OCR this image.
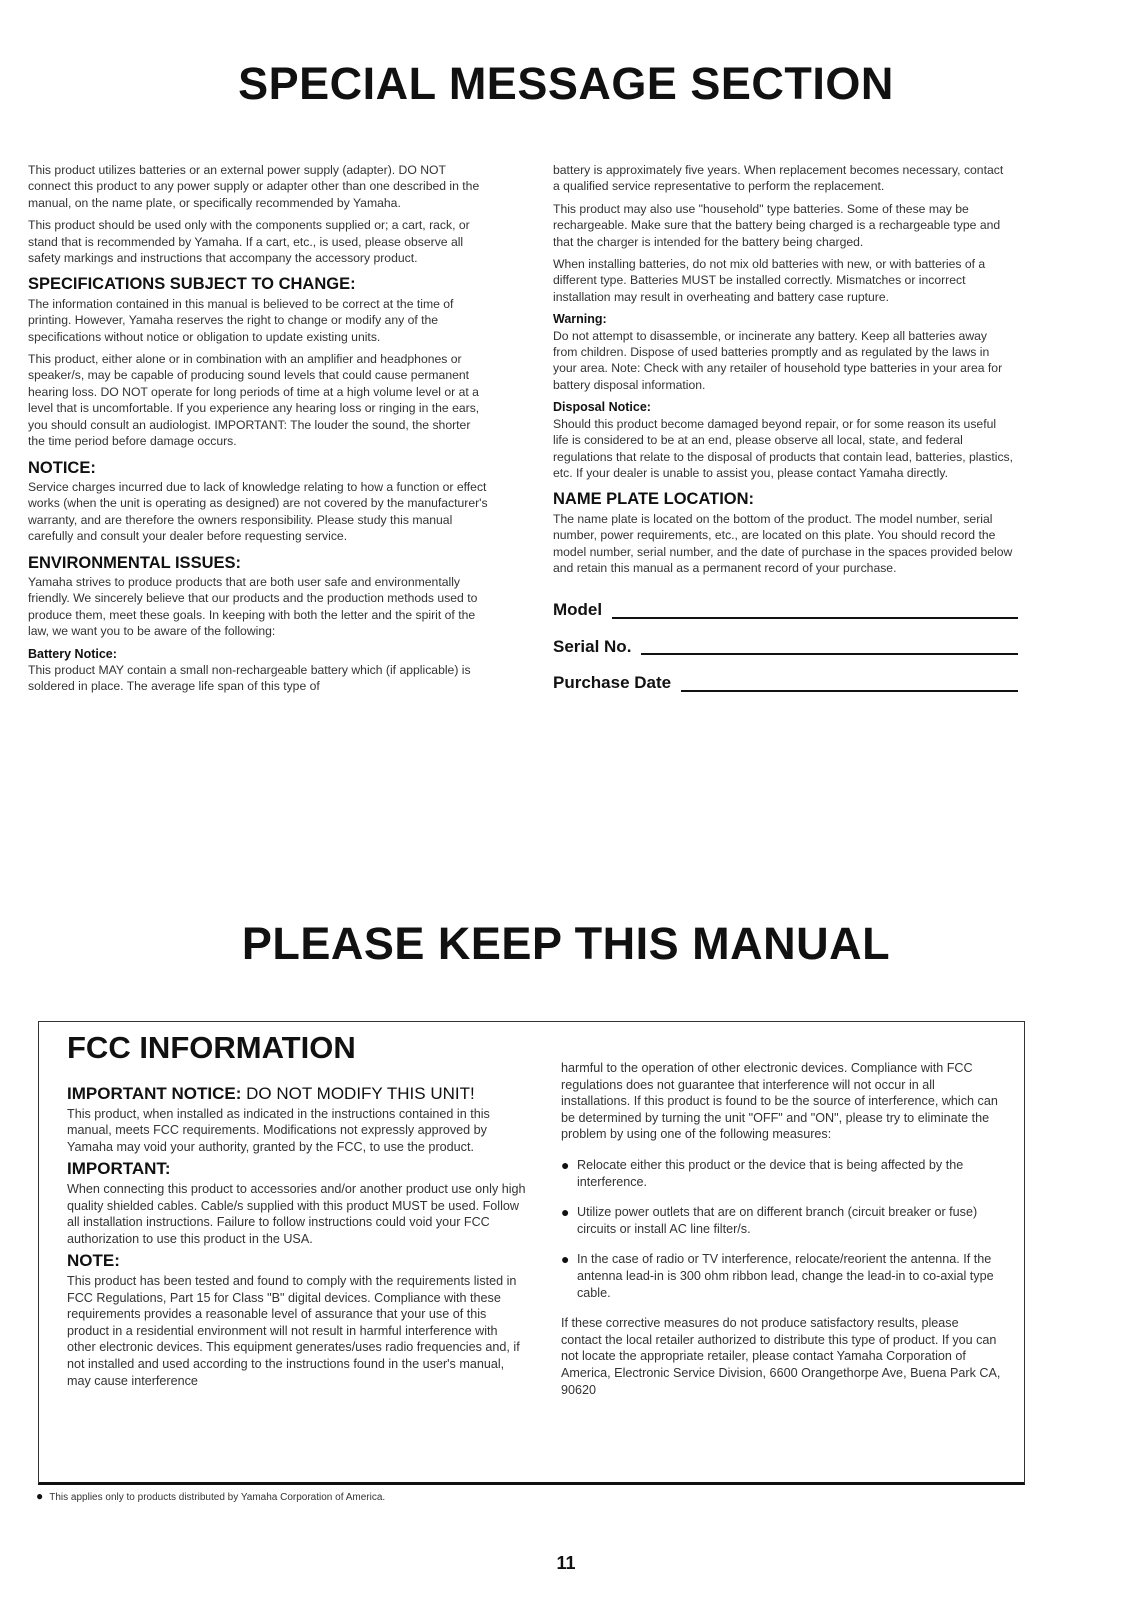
SPECIAL MESSAGE SECTION

This product utilizes batteries or an external power supply (adapter). DO NOT connect this product to any power supply or adapter other than one described in the manual, on the name plate, or specifically recommended by Yamaha.

This product should be used only with the components supplied or; a cart, rack, or stand that is recommended by Yamaha. If a cart, etc., is used, please observe all safety markings and instructions that accompany the accessory product.

SPECIFICATIONS SUBJECT TO CHANGE:

The information contained in this manual is believed to be correct at the time of printing. However, Yamaha reserves the right to change or modify any of the specifications without notice or obligation to update existing units.

This product, either alone or in combination with an amplifier and headphones or speaker/s, may be capable of producing sound levels that could cause permanent hearing loss. DO NOT operate for long periods of time at a high volume level or at a level that is uncomfortable. If you experience any hearing loss or ringing in the ears, you should consult an audiologist. IMPORTANT: The louder the sound, the shorter the time period before damage occurs.

NOTICE:

Service charges incurred due to lack of knowledge relating to how a function or effect works (when the unit is operating as designed) are not covered by the manufacturer's warranty, and are therefore the owners responsibility. Please study this manual carefully and consult your dealer before requesting service.

ENVIRONMENTAL ISSUES:

Yamaha strives to produce products that are both user safe and environmentally friendly. We sincerely believe that our products and the production methods used to produce them, meet these goals. In keeping with both the letter and the spirit of the law, we want you to be aware of the following:

Battery Notice:

This product MAY contain a small non-rechargeable battery which (if applicable) is soldered in place. The average life span of this type of

battery is approximately five years. When replacement becomes necessary, contact a qualified service representative to perform the replacement.

This product may also use "household" type batteries. Some of these may be rechargeable. Make sure that the battery being charged is a rechargeable type and that the charger is intended for the battery being charged.

When installing batteries, do not mix old batteries with new, or with batteries of a different type. Batteries MUST be installed correctly. Mismatches or incorrect installation may result in overheating and battery case rupture.

Warning:

Do not attempt to disassemble, or incinerate any battery. Keep all batteries away from children. Dispose of used batteries promptly and as regulated by the laws in your area. Note: Check with any retailer of household type batteries in your area for battery disposal information.

Disposal Notice:

Should this product become damaged beyond repair, or for some reason its useful life is considered to be at an end, please observe all local, state, and federal regulations that relate to the disposal of products that contain lead, batteries, plastics, etc. If your dealer is unable to assist you, please contact Yamaha directly.

NAME PLATE LOCATION:

The name plate is located on the bottom of the product. The model number, serial number, power requirements, etc., are located on this plate. You should record the model number, serial number, and the date of purchase in the spaces provided below and retain this manual as a permanent record of your purchase.

Model
Serial No.
Purchase Date
PLEASE KEEP THIS MANUAL
FCC INFORMATION
IMPORTANT NOTICE: DO NOT MODIFY THIS UNIT!

This product, when installed as indicated in the instructions contained in this manual, meets FCC requirements. Modifications not expressly approved by Yamaha may void your authority, granted by the FCC, to use the product.

IMPORTANT:

When connecting this product to accessories and/or another product use only high quality shielded cables. Cable/s supplied with this product MUST be used. Follow all installation instructions. Failure to follow instructions could void your FCC authorization to use this product in the USA.

NOTE:

This product has been tested and found to comply with the requirements listed in FCC Regulations, Part 15 for Class "B" digital devices. Compliance with these requirements provides a reasonable level of assurance that your use of this product in a residential environment will not result in harmful interference with other electronic devices. This equipment generates/uses radio frequencies and, if not installed and used according to the instructions found in the user's manual, may cause interference

harmful to the operation of other electronic devices. Compliance with FCC regulations does not guarantee that interference will not occur in all installations. If this product is found to be the source of interference, which can be determined by turning the unit "OFF" and "ON", please try to eliminate the problem by using one of the following measures:

● Relocate either this product or the device that is being affected by the interference.
● Utilize power outlets that are on different branch (circuit breaker or fuse) circuits or install AC line filter/s.
● In the case of radio or TV interference, relocate/reorient the antenna. If the antenna lead-in is 300 ohm ribbon lead, change the lead-in to co-axial type cable.

If these corrective measures do not produce satisfactory results, please contact the local retailer authorized to distribute this type of product. If you can not locate the appropriate retailer, please contact Yamaha Corporation of America, Electronic Service Division, 6600 Orangethorpe Ave, Buena Park CA, 90620

● This applies only to products distributed by Yamaha Corporation of America.
11
